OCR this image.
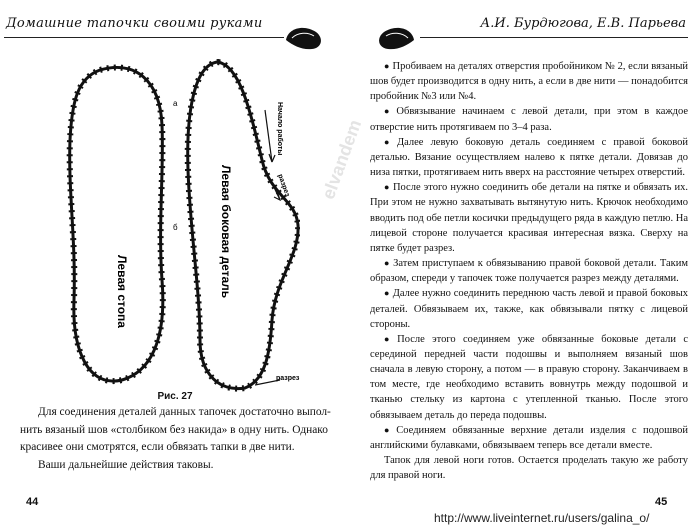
Домашние тапочки своими руками
Левая стопа	Левая боковая деталь
Начало работы
разрез
разрез
а
б
Рис. 27

Для соединения деталей данных тапочек достаточно выпол-

нить вязаный шов «столбиком без накида» в одну нить. Однако

красивее они смотрятся, если обвязать тапки в две нити.

Ваши дальнейшие действия таковы.

44
elvandem
А.И. Бурдюгова, Е.В. Парьева

● Пробиваем на деталях отверстия пробойником № 2, если вязаный шов будет производится в одну нить, а если в две нити — понадобится пробойник №3 или №4.

● Обвязывание начинаем с левой детали, при этом в каждое отверстие нить протягиваем по 3–4 раза.

● Далее левую боковую деталь соединяем с правой боковой деталью. Вязание осуществляем налево к пятке детали. Довязав до низа пятки, протягиваем нить вверх на расстояние четырех отверстий.

● После этого нужно соединить обе детали на пятке и обвязать их. При этом не нужно захватывать вытянутую нить. Крючок необходимо вводить под обе петли косички предыдущего ряда в каждую петлю. На лицевой стороне получается красивая интересная вязка. Сверху на пятке будет разрез.

● Затем приступаем к обвязыванию правой боковой детали. Таким образом, спереди у тапочек тоже получается разрез между деталями.

● Далее нужно соединить переднюю часть левой и правой боковых деталей. Обвязываем их, также, как обвязывали пятку с лицевой стороны.

● После этого соединяем уже обвязанные боковые детали с серединой передней части подошвы и выполняем вязаный шов сначала в левую сторону, а потом — в правую сторону. Заканчиваем в том месте, где необходимо вставить вовнутрь между подошвой и тканью стельку из картона с утепленной тканью. После этого обвязываем деталь до переда подошвы.

● Соединяем обвязанные верхние детали изделия с подошвой английскими булавками, обвязываем теперь все детали вместе.

Тапок для левой ноги готов. Остается проделать такую же работу для правой ноги.

45
http://www.liveinternet.ru/users/galina_o/
